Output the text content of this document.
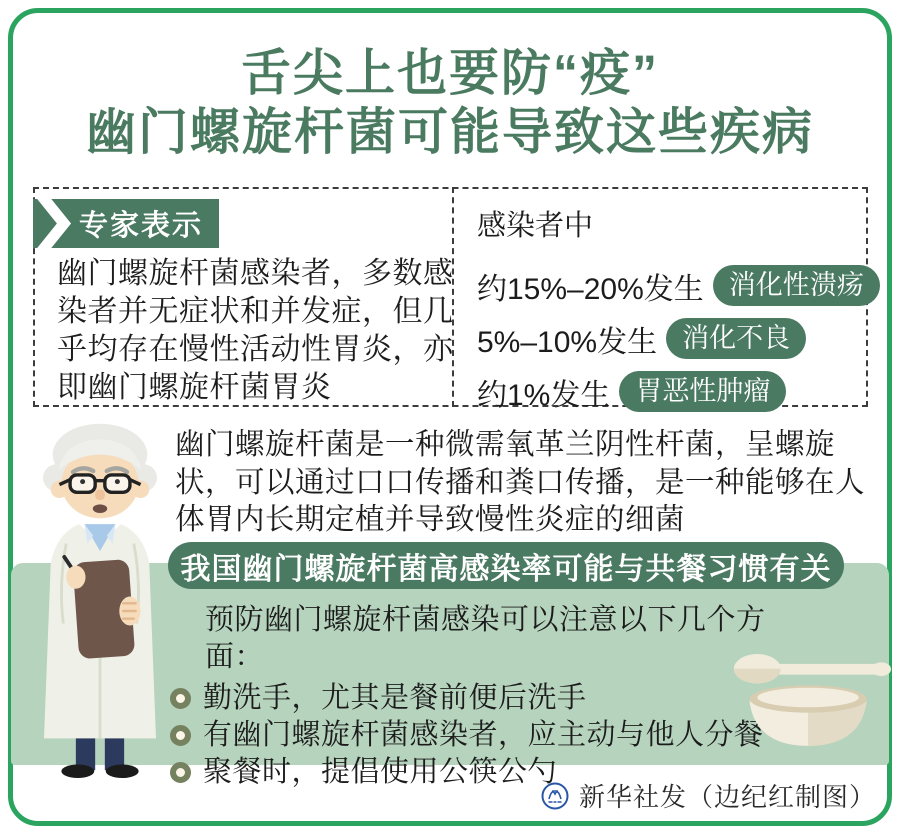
舌尖上也要防“疫”
幽门螺旋杆菌可能导致这些疾病
专家表示
幽门螺旋杆菌感染者，多数感染者并无症状和并发症，但几乎均存在慢性活动性胃炎，亦即幽门螺旋杆菌胃炎
感染者中
约15%–20%发生 消化性溃疡
5%–10%发生 消化不良
约1%发生 胃恶性肿瘤
幽门螺旋杆菌是一种微需氧革兰阴性杆菌，呈螺旋状，可以通过口口传播和粪口传播，是一种能够在人体胃内长期定植并导致慢性炎症的细菌
我国幽门螺旋杆菌高感染率可能与共餐习惯有关
预防幽门螺旋杆菌感染可以注意以下几个方面：
勤洗手，尤其是餐前便后洗手
有幽门螺旋杆菌感染者，应主动与他人分餐
聚餐时，提倡使用公筷公勺
新华社发（边纪红制图）
